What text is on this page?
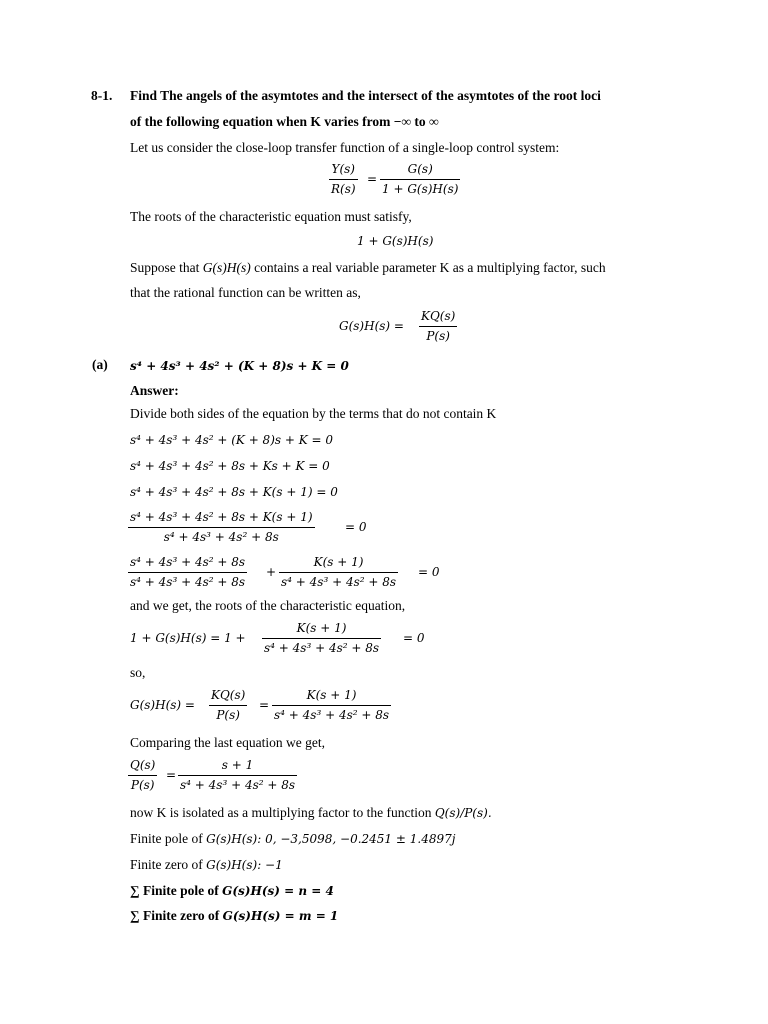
8-1. Find The angels of the asymtotes and the intersect of the asymtotes of the root loci
of the following equation when K varies from −∞ to ∞
Let us consider the close-loop transfer function of a single-loop control system:
$\frac{Y(s)}{R(s)} = \frac{G(s)}{1 + G(s)H(s)}$
The roots of the characteristic equation must satisfy,
1 + G(s)H(s)
Suppose that G(s)H(s) contains a real variable parameter K as a multiplying factor, such
that the rational function can be written as,
$G(s)H(s) = \frac{KQ(s)}{P(s)}$
(a) s⁴ + 4s³ + 4s² + (K + 8)s + K = 0
Answer:
Divide both sides of the equation by the terms that do not contain K
s⁴ + 4s³ + 4s² + (K + 8)s + K = 0
s⁴ + 4s³ + 4s² + 8s + Ks + K = 0
s⁴ + 4s³ + 4s² + 8s + K(s + 1) = 0
$\frac{\text{s⁴ + 4s³ + 4s² + 8s + K(s + 1)}}{\text{s⁴ + 4s³ + 4s² + 8s}}$	= 0
$\frac{\text{s⁴ + 4s³ + 4s² + 8s}}{\text{s⁴ + 4s³ + 4s² + 8s}} + \frac{K(s + 1)}{\text{s⁴ + 4s³ + 4s² + 8s}} = 0$
and we get, the roots of the characteristic equation,
$1 + G(s)H(s) = 1 + \frac{K(s + 1)}{\text{s⁴ + 4s³ + 4s² + 8s}} = 0$
so,
$G(s)H(s) = \frac{KQ(s)}{P(s)} = \frac{K(s + 1)}{\text{s⁴ + 4s³ + 4s² + 8s}}$
Comparing the last equation we get,
$\frac{Q(s)}{P(s)} = \frac{s + 1}{\text{s⁴ + 4s³ + 4s² + 8s}}$
now K is isolated as a multiplying factor to the function Q(s)/P(s).
Finite pole of G(s)H(s): 0, −3,5098, −0.2451 ± 1.4897j
Finite zero of G(s)H(s): −1
∑ Finite pole of G(s)H(s) = n = 4
∑ Finite zero of G(s)H(s) = m = 1
